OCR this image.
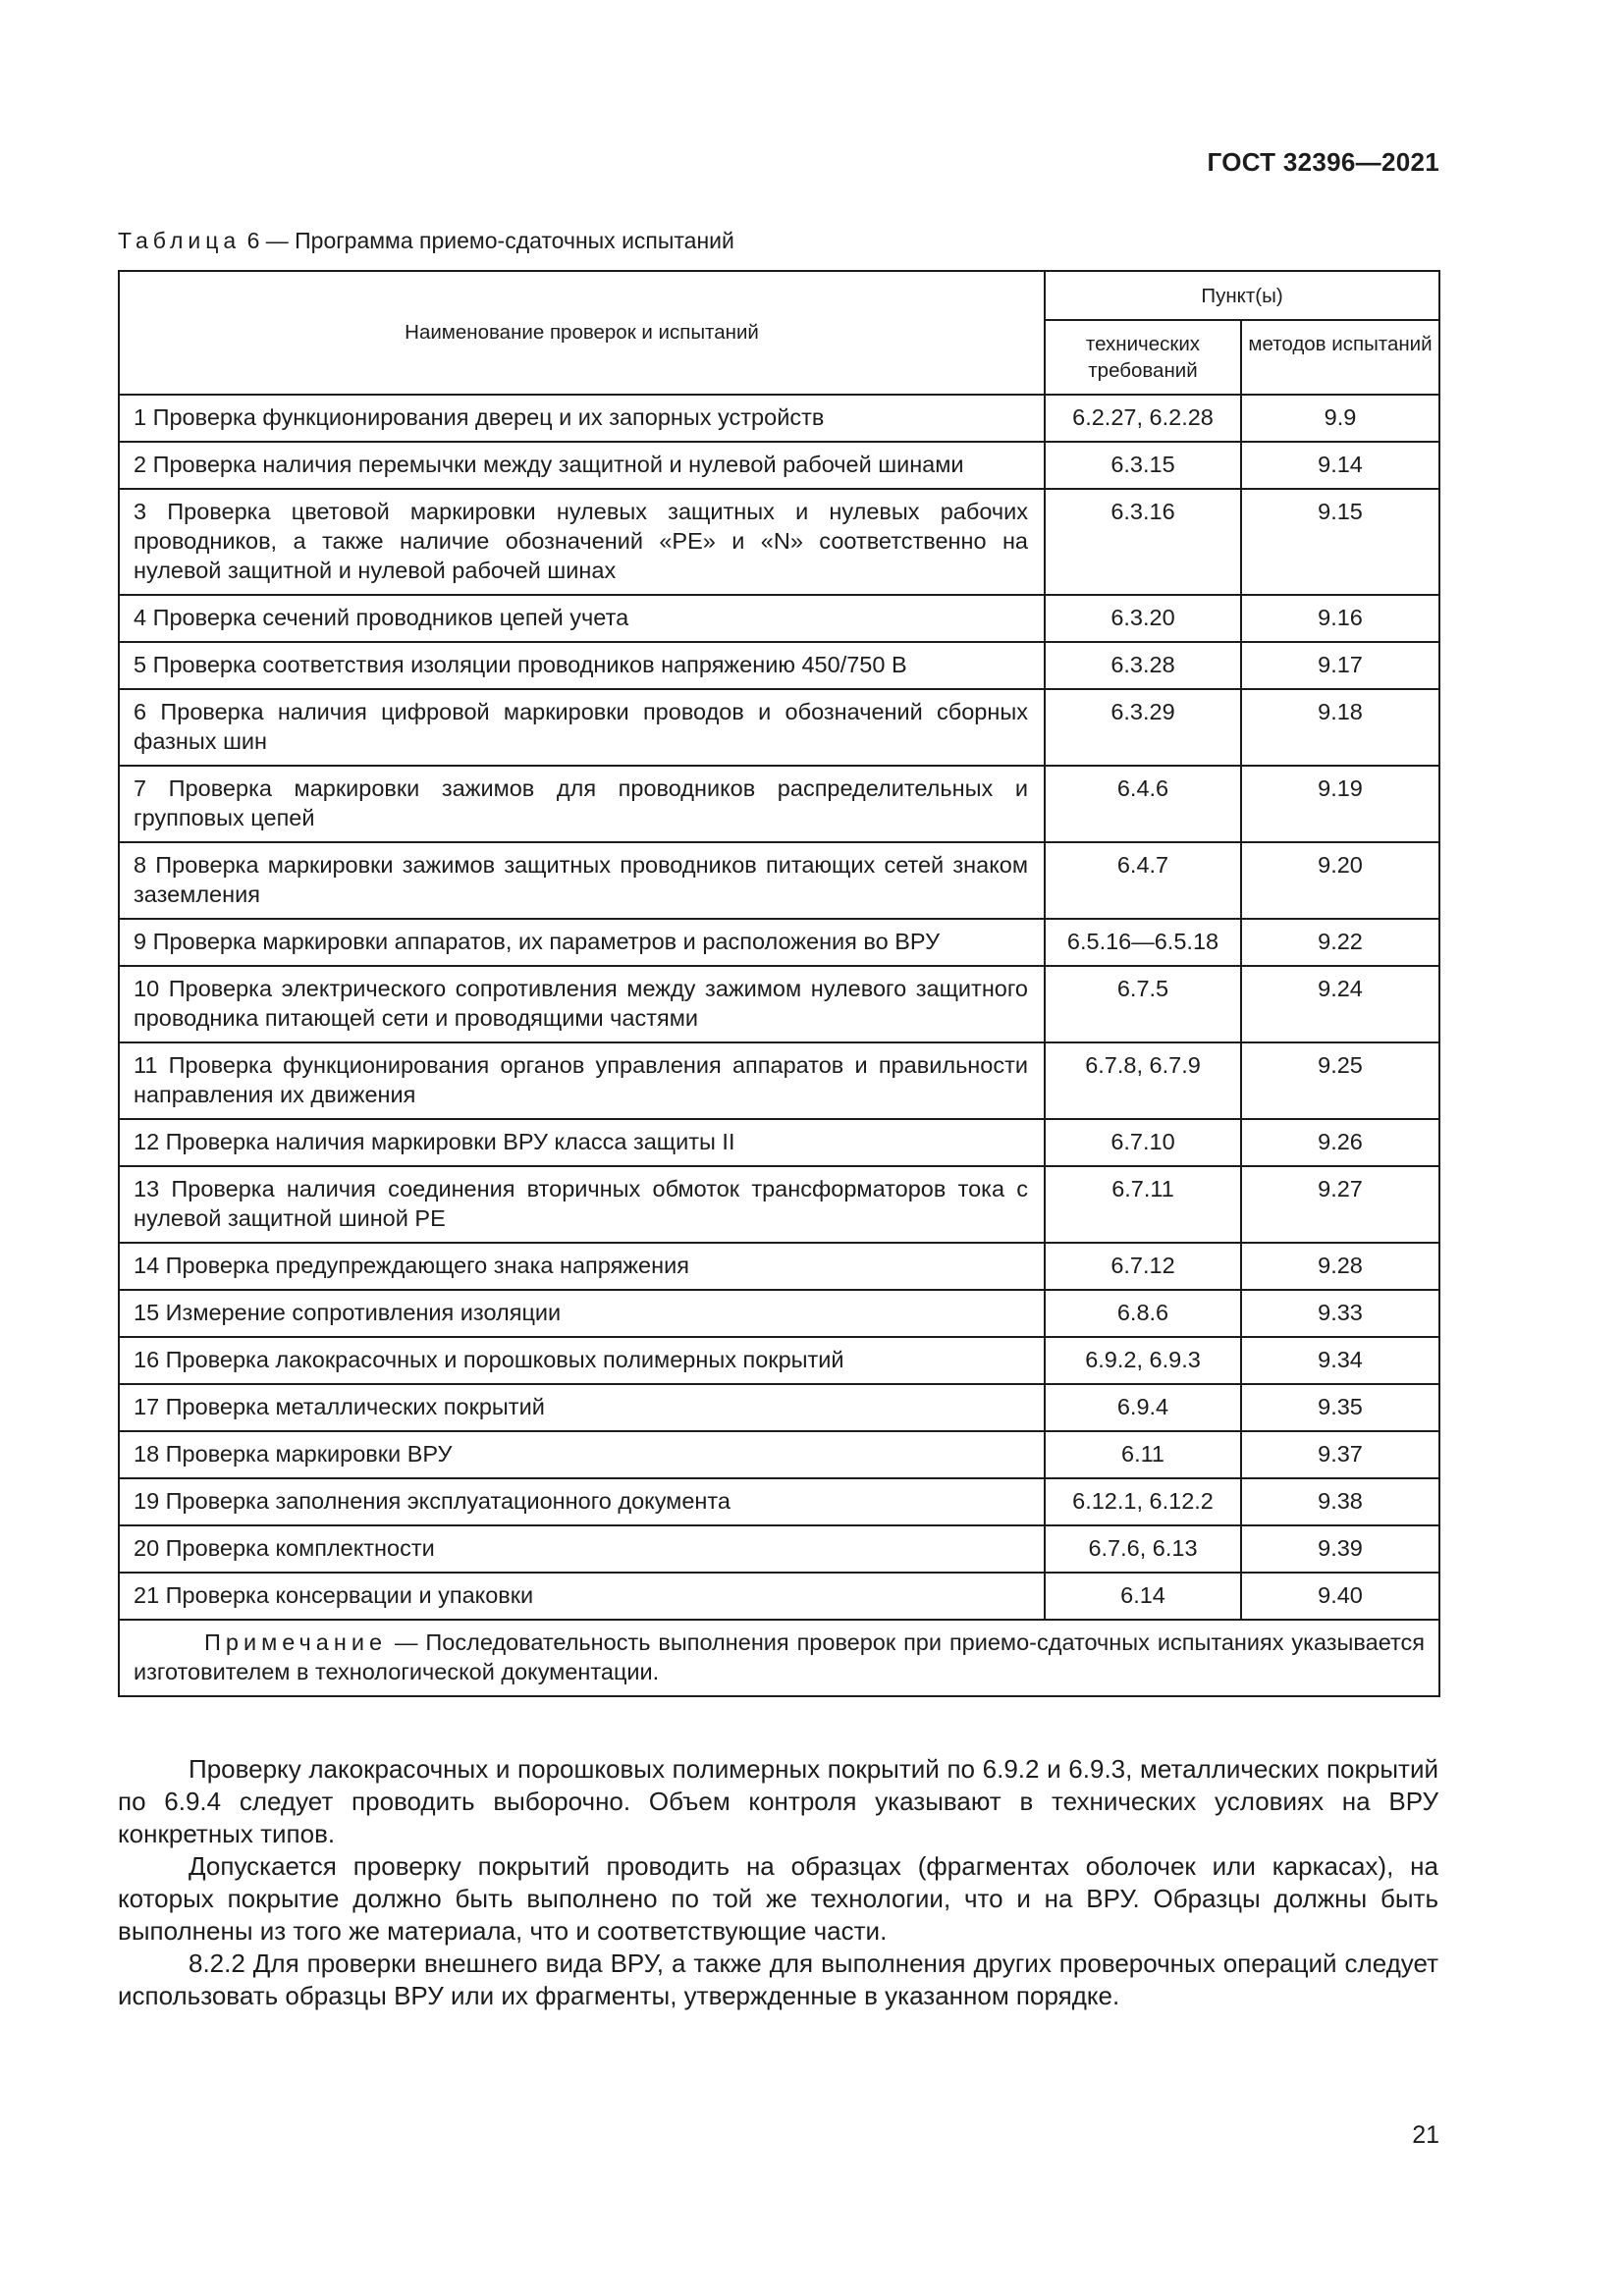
ГОСТ 32396—2021
Таблица 6 — Программа приемо-сдаточных испытаний
Наименование проверок и испытаний	Пункт(ы)	
	технических требований	методов испытаний
1 Проверка функционирования дверец и их запорных устройств	6.2.27, 6.2.28	9.9
2 Проверка наличия перемычки между защитной и нулевой рабочей шинами	6.3.15	9.14
3 Проверка цветовой маркировки нулевых защитных и нулевых рабочих проводников, а также наличие обозначений «PE» и «N» соответственно на нулевой защитной и нулевой рабочей шинах	6.3.16	9.15
4 Проверка сечений проводников цепей учета	6.3.20	9.16
5 Проверка соответствия изоляции проводников напряжению 450/750 В	6.3.28	9.17
6 Проверка наличия цифровой маркировки проводов и обозначений сборных фазных шин	6.3.29	9.18
7 Проверка маркировки зажимов для проводников распределительных и групповых цепей	6.4.6	9.19
8 Проверка маркировки зажимов защитных проводников питающих сетей знаком заземления	6.4.7	9.20
9 Проверка маркировки аппаратов, их параметров и расположения во ВРУ	6.5.16—6.5.18	9.22
10 Проверка электрического сопротивления между зажимом нулевого защитного проводника питающей сети и проводящими частями	6.7.5	9.24
11 Проверка функционирования органов управления аппаратов и правильности направления их движения	6.7.8, 6.7.9	9.25
12 Проверка наличия маркировки ВРУ класса защиты II	6.7.10	9.26
13 Проверка наличия соединения вторичных обмоток трансформаторов тока с нулевой защитной шиной PE	6.7.11	9.27
14 Проверка предупреждающего знака напряжения	6.7.12	9.28
15 Измерение сопротивления изоляции	6.8.6	9.33
16 Проверка лакокрасочных и порошковых полимерных покрытий	6.9.2, 6.9.3	9.34
17 Проверка металлических покрытий	6.9.4	9.35
18 Проверка маркировки ВРУ	6.11	9.37
19 Проверка заполнения эксплуатационного документа	6.12.1, 6.12.2	9.38
20 Проверка комплектности	6.7.6, 6.13	9.39
21 Проверка консервации и упаковки	6.14	9.40
Примечание — Последовательность выполнения проверок при приемо-сдаточных испытаниях указывается изготовителем в технологической документации.		

Проверку лакокрасочных и порошковых полимерных покрытий по 6.9.2 и 6.9.3, металлических покрытий по 6.9.4 следует проводить выборочно. Объем контроля указывают в технических условиях на ВРУ конкретных типов.

Допускается проверку покрытий проводить на образцах (фрагментах оболочек или каркасах), на которых покрытие должно быть выполнено по той же технологии, что и на ВРУ. Образцы должны быть выполнены из того же материала, что и соответствующие части.

8.2.2 Для проверки внешнего вида ВРУ, а также для выполнения других проверочных операций следует использовать образцы ВРУ или их фрагменты, утвержденные в указанном порядке.

21
